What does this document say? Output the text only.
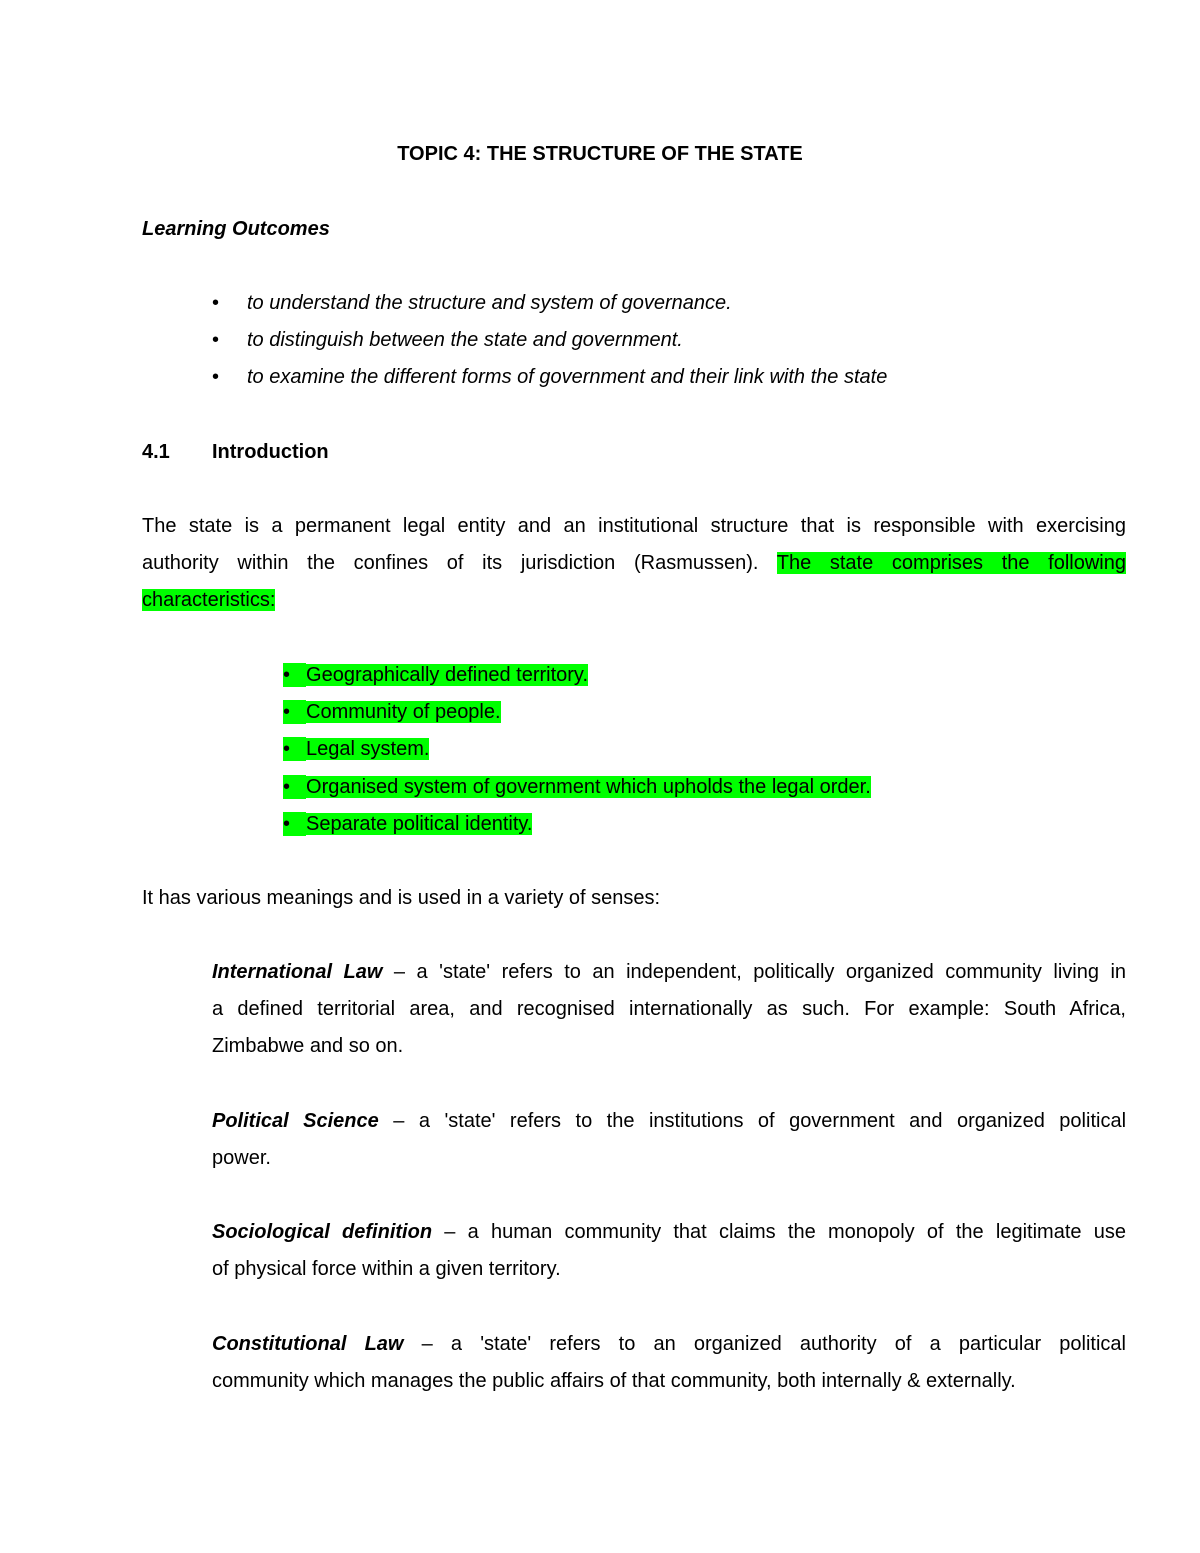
TOPIC 4: THE STRUCTURE OF THE STATE
Learning Outcomes
• to understand the structure and system of governance.
• to distinguish between the state and government.
• to examine the different forms of government and their link with the state
4.1 Introduction
The state is a permanent legal entity and an institutional structure that is responsible with exercising
authority within the confines of its jurisdiction (Rasmussen). The state comprises the following
characteristics:
• Geographically defined territory.
• Community of people.
• Legal system.
• Organised system of government which upholds the legal order.
• Separate political identity.
It has various meanings and is used in a variety of senses:
International Law – a 'state' refers to an independent, politically organized community living in
a defined territorial area, and recognised internationally as such. For example: South Africa,
Zimbabwe and so on.
Political Science – a 'state' refers to the institutions of government and organized political
power.
Sociological definition – a human community that claims the monopoly of the legitimate use
of physical force within a given territory.
Constitutional Law – a 'state' refers to an organized authority of a particular political
community which manages the public affairs of that community, both internally & externally.
